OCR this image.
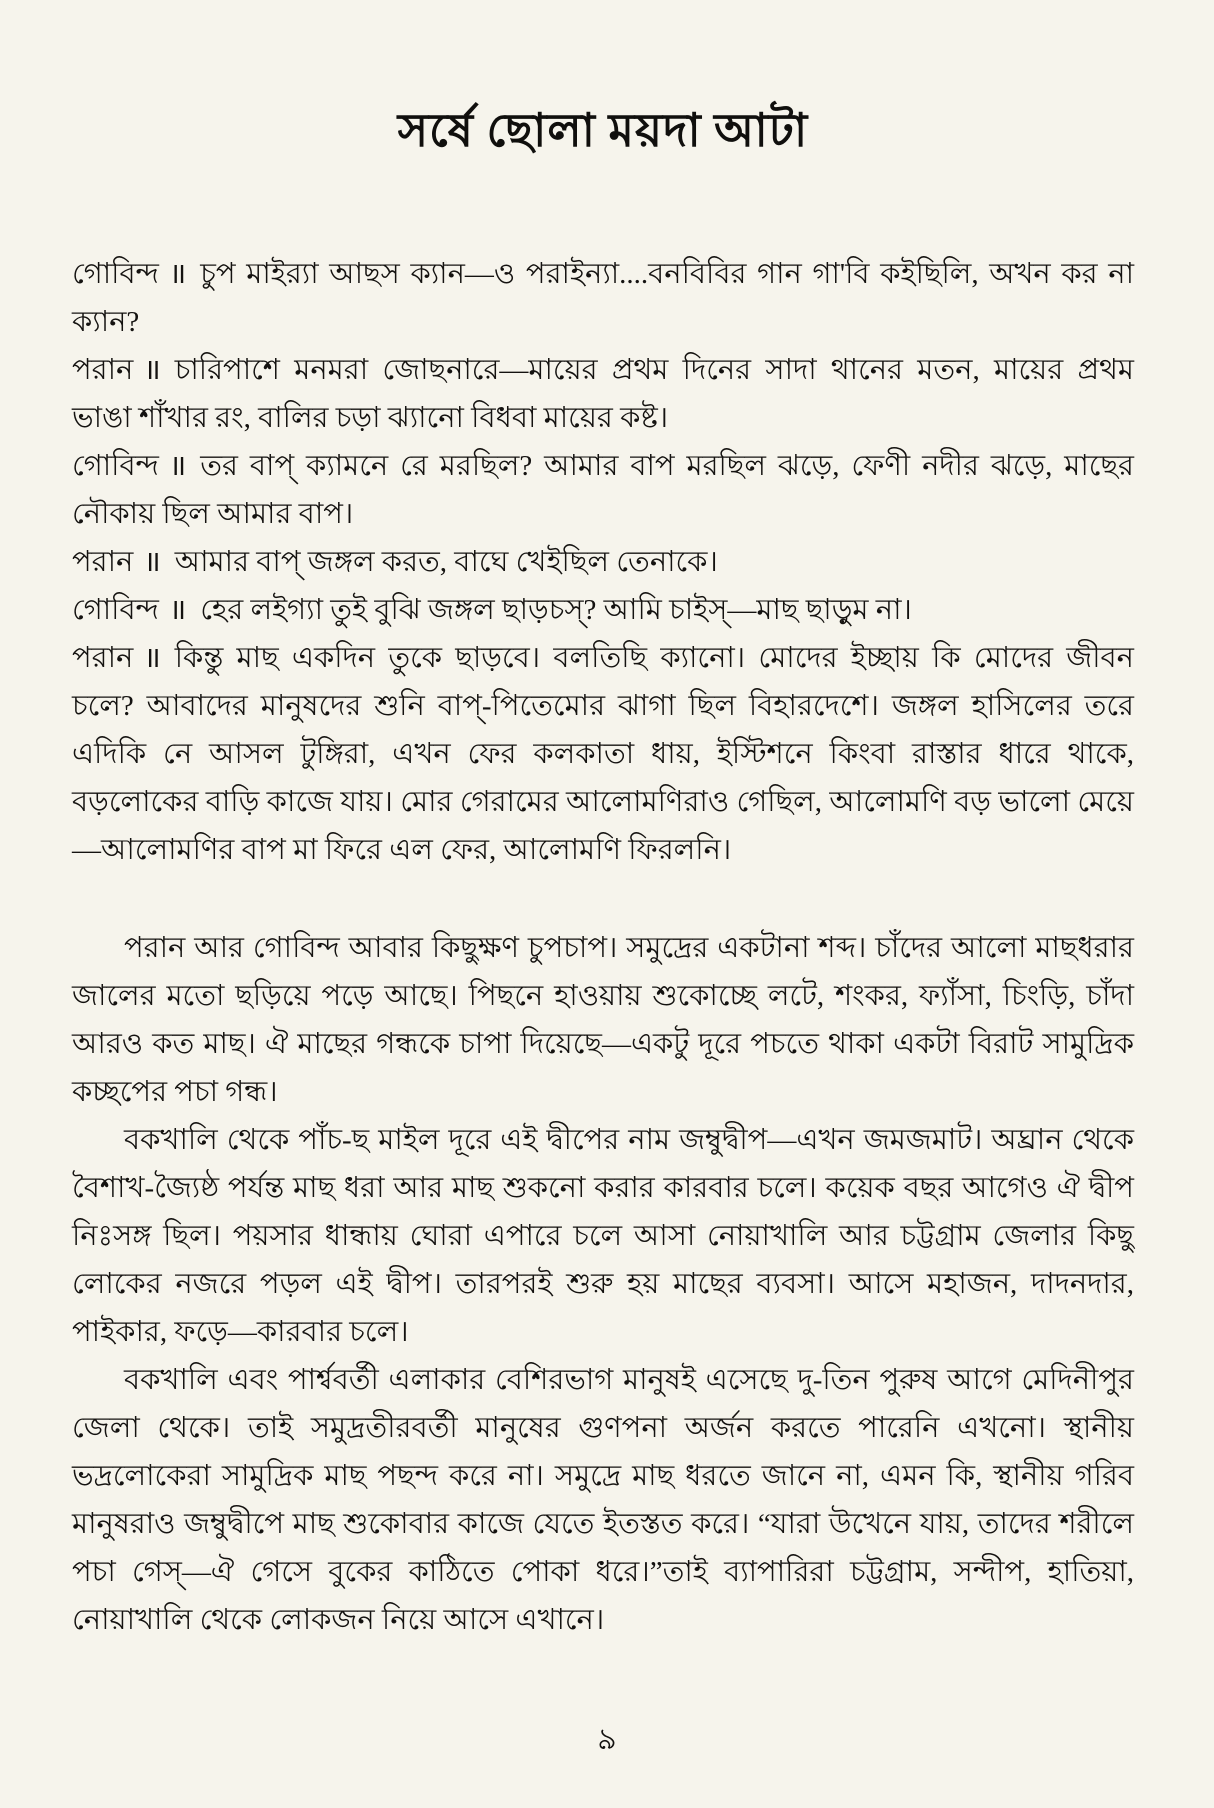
সর্ষে ছোলা ময়দা আটা

গোবিন্দ ॥ চুপ মাইর‍্যা আছস ক্যান—ও পরাইন্যা....বনবিবির গান গা'বি কইছিলি, অখন কর না ক্যান?

পরান ॥ চারিপাশে মনমরা জোছনারে—মায়ের প্রথম দিনের সাদা থানের মতন, মায়ের প্রথম ভাঙা শাঁখার রং, বালির চড়া ঝ্যানো বিধবা মায়ের কষ্ট।

গোবিন্দ ॥ তর বাপ্ ক্যামনে রে মরছিল? আমার বাপ মরছিল ঝড়ে, ফেণী নদীর ঝড়ে, মাছের নৌকায় ছিল আমার বাপ।

পরান ॥ আমার বাপ্ জঙ্গল করত, বাঘে খেইছিল তেনাকে।

গোবিন্দ ॥ হের লইগ্যা তুই বুঝি জঙ্গল ছাড়চস্? আমি চাইস্—মাছ ছাড়ুম না।

পরান ॥ কিন্তু মাছ একদিন তুকে ছাড়বে। বলতিছি ক্যানো। মোদের ইচ্ছায় কি মোদের জীবন চলে? আবাদের মানুষদের শুনি বাপ্-পিতেমোর ঝাগা ছিল বিহারদেশে। জঙ্গল হাসিলের তরে এদিকি নে আসল টুঙ্গিরা, এখন ফের কলকাতা ধায়, ইস্টিশনে কিংবা রাস্তার ধারে থাকে, বড়লোকের বাড়ি কাজে যায়। মোর গেরামের আলোমণিরাও গেছিল, আলোমণি বড় ভালো মেয়ে—আলোমণির বাপ মা ফিরে এল ফের, আলোমণি ফিরলনি।

পরান আর গোবিন্দ আবার কিছুক্ষণ চুপচাপ। সমুদ্রের একটানা শব্দ। চাঁদের আলো মাছধরার জালের মতো ছড়িয়ে পড়ে আছে। পিছনে হাওয়ায় শুকোচ্ছে লটে, শংকর, ফ্যাঁসা, চিংড়ি, চাঁদা আরও কত মাছ। ঐ মাছের গন্ধকে চাপা দিয়েছে—একটু দূরে পচতে থাকা একটা বিরাট সামুদ্রিক কচ্ছপের পচা গন্ধ।

বকখালি থেকে পাঁচ-ছ মাইল দূরে এই দ্বীপের নাম জম্বুদ্বীপ—এখন জমজমাট। অঘ্রান থেকে বৈশাখ-জ্যৈষ্ঠ পর্যন্ত মাছ ধরা আর মাছ শুকনো করার কারবার চলে। কয়েক বছর আগেও ঐ দ্বীপ নিঃসঙ্গ ছিল। পয়সার ধান্ধায় ঘোরা এপারে চলে আসা নোয়াখালি আর চট্টগ্রাম জেলার কিছু লোকের নজরে পড়ল এই দ্বীপ। তারপরই শুরু হয় মাছের ব্যবসা। আসে মহাজন, দাদনদার, পাইকার, ফড়ে—কারবার চলে।

বকখালি এবং পার্শ্ববর্তী এলাকার বেশিরভাগ মানুষই এসেছে দু-তিন পুরুষ আগে মেদিনীপুর জেলা থেকে। তাই সমুদ্রতীরবর্তী মানুষের গুণপনা অর্জন করতে পারেনি এখনো। স্থানীয় ভদ্রলোকেরা সামুদ্রিক মাছ পছন্দ করে না। সমুদ্রে মাছ ধরতে জানে না, এমন কি, স্থানীয় গরিব মানুষরাও জম্বুদ্বীপে মাছ শুকোবার কাজে যেতে ইতস্তত করে। “যারা উখেনে যায়, তাদের শরীলে পচা গেস্—ঐ গেসে বুকের কাঠিতে পোকা ধরে।”তাই ব্যাপারিরা চট্টগ্রাম, সন্দীপ, হাতিয়া, নোয়াখালি থেকে লোকজন নিয়ে আসে এখানে।

৯
